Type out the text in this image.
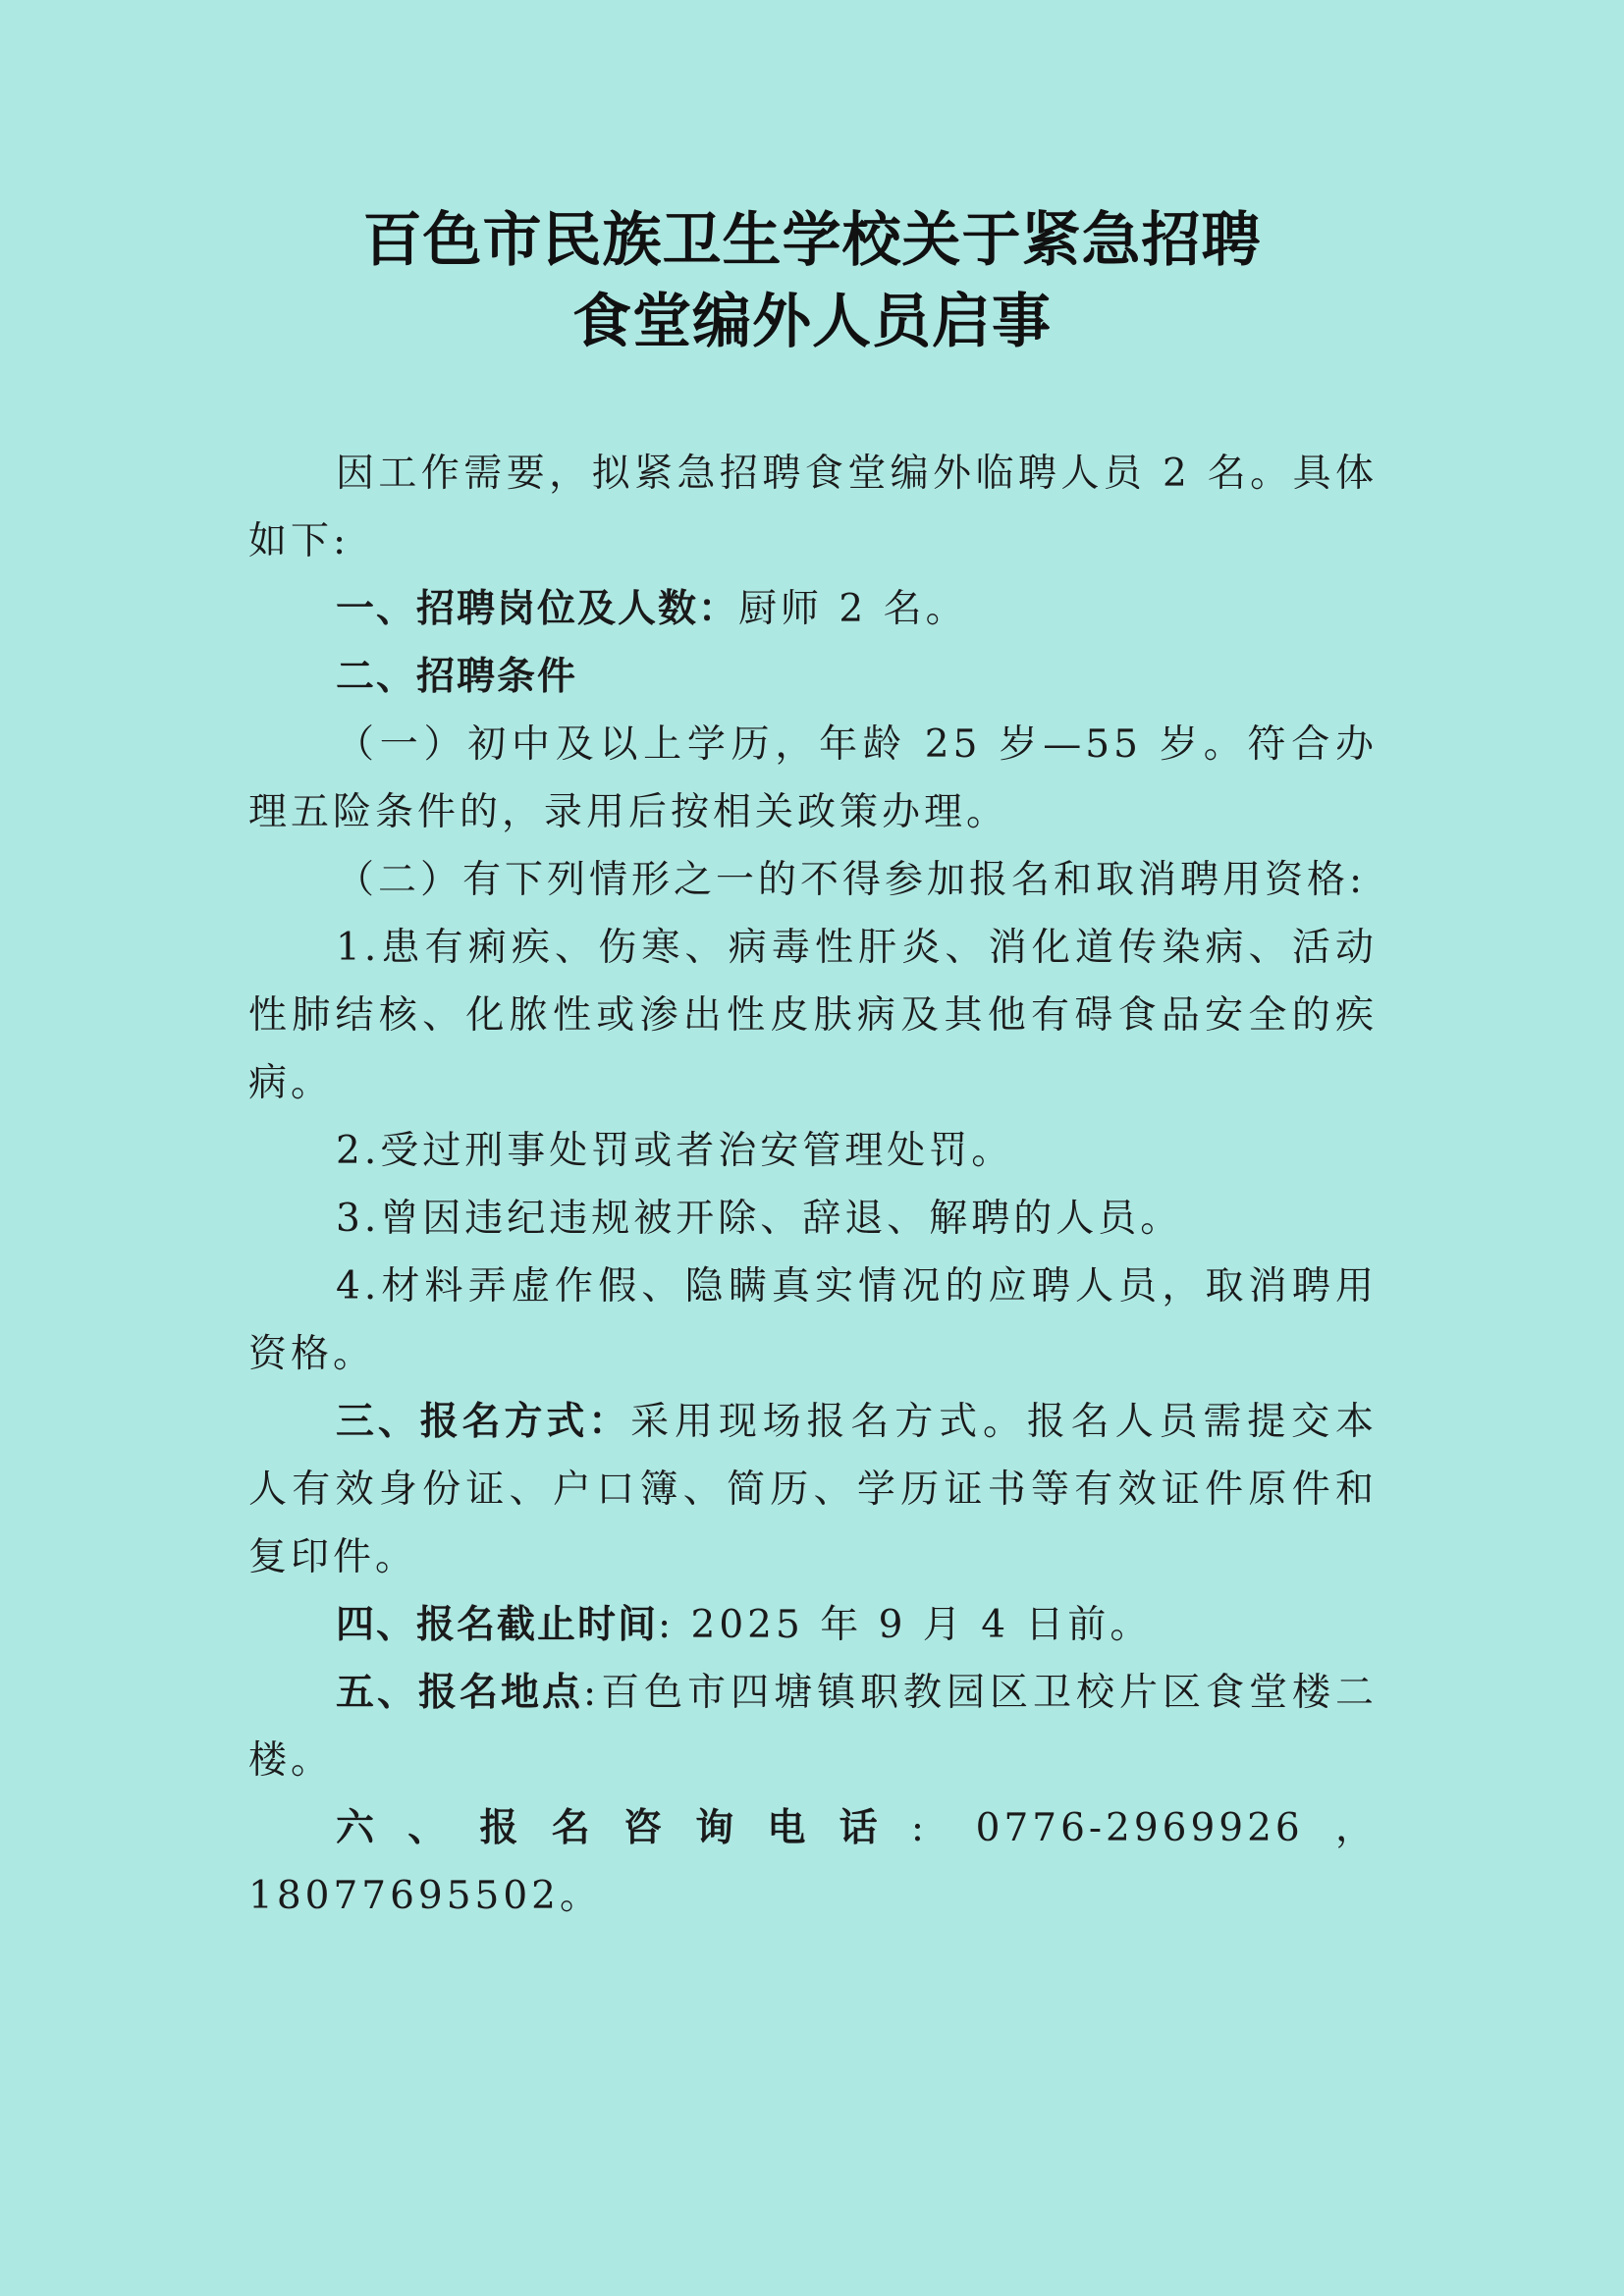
百色市民族卫生学校关于紧急招聘
食堂编外人员启事

因工作需要，拟紧急招聘食堂编外临聘人员 2 名。具体如下:

一、招聘岗位及人数：厨师 2 名。

二、招聘条件

（一）初中及以上学历，年龄 25 岁—55 岁。符合办理五险条件的，录用后按相关政策办理。

（二）有下列情形之一的不得参加报名和取消聘用资格:

1.患有痢疾、伤寒、病毒性肝炎、消化道传染病、活动性肺结核、化脓性或渗出性皮肤病及其他有碍食品安全的疾病。

2.受过刑事处罚或者治安管理处罚。

3.曾因违纪违规被开除、辞退、解聘的人员。

4.材料弄虚作假、隐瞒真实情况的应聘人员，取消聘用资格。

三、报名方式：采用现场报名方式。报名人员需提交本人有效身份证、户口簿、简历、学历证书等有效证件原件和复印件。

四、报名截止时间: 2025 年 9 月 4 日前。

五、报名地点:百色市四塘镇职教园区卫校片区食堂楼二楼。

六、报名咨询电话: 0776-2969926，18077695502。
